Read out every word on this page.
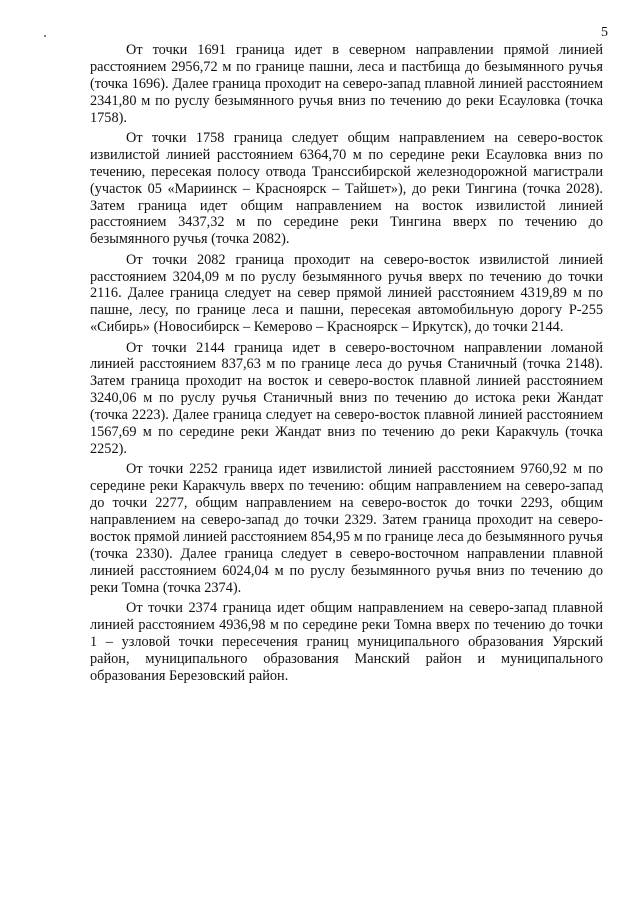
5

От точки 1691 граница идет в северном направлении прямой линией расстоянием 2956,72 м по границе пашни, леса и пастбища до безымянного ручья (точка 1696). Далее граница проходит на северо-запад плавной линией расстоянием 2341,80 м по руслу безымянного ручья вниз по течению до реки Есауловка (точка 1758).

От точки 1758 граница следует общим направлением на северо-восток извилистой линией расстоянием 6364,70 м по середине реки Есауловка вниз по течению, пересекая полосу отвода Транссибирской железнодорожной магистрали (участок 05 «Мариинск – Красноярск – Тайшет»), до реки Тингина (точка 2028). Затем граница идет общим направлением на восток извилистой линией расстоянием 3437,32 м по середине реки Тингина вверх по течению до безымянного ручья (точка 2082).

От точки 2082 граница проходит на северо-восток извилистой линией расстоянием 3204,09 м по руслу безымянного ручья вверх по течению до точки 2116. Далее граница следует на север прямой линией расстоянием 4319,89 м по пашне, лесу, по границе леса и пашни, пересекая автомобильную дорогу Р-255 «Сибирь» (Новосибирск – Кемерово – Красноярск – Иркутск), до точки 2144.

От точки 2144 граница идет в северо-восточном направлении ломаной линией расстоянием 837,63 м по границе леса до ручья Станичный (точка 2148). Затем граница проходит на восток и северо-восток плавной линией расстоянием 3240,06 м по руслу ручья Станичный вниз по течению до истока реки Жандат (точка 2223). Далее граница следует на северо-восток плавной линией расстоянием 1567,69 м по середине реки Жандат вниз по течению до реки Каракчуль (точка 2252).

От точки 2252 граница идет извилистой линией расстоянием 9760,92 м по середине реки Каракчуль вверх по течению: общим направлением на северо-запад до точки 2277, общим направлением на северо-восток до точки 2293, общим направлением на северо-запад до точки 2329. Затем граница проходит на северо-восток прямой линией расстоянием 854,95 м по границе леса до безымянного ручья (точка 2330). Далее граница следует в северо-восточном направлении плавной линией расстоянием 6024,04 м по руслу безымянного ручья вниз по течению до реки Томна (точка 2374).

От точки 2374 граница идет общим направлением на северо-запад плавной линией расстоянием 4936,98 м по середине реки Томна вверх по течению до точки 1 – узловой точки пересечения границ муниципального образования Уярский район, муниципального образования Манский район и муниципального образования Березовский район.
